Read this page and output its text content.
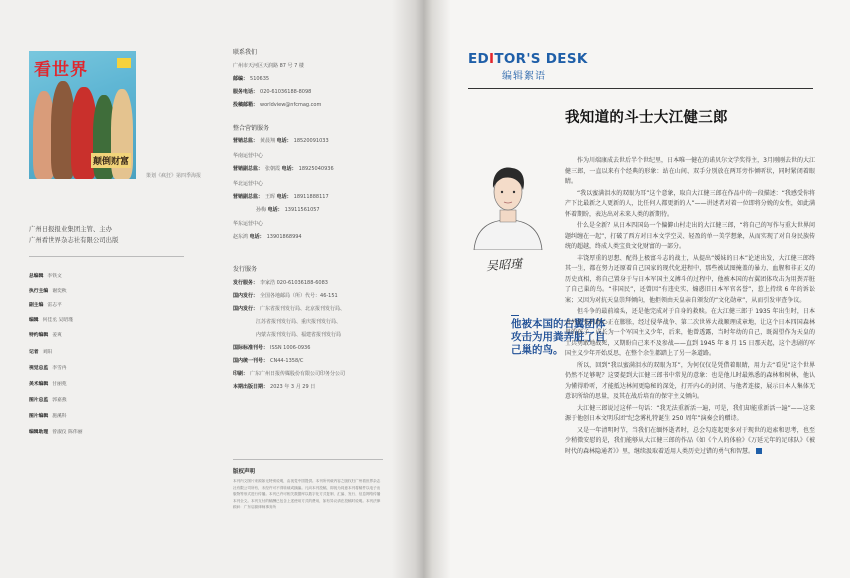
看世界
颠倒财富
策划《疯狂》第四季海报
广州日报报业集团主管、主办
广州看世界杂志社有限公司出版
总编辑 李铁文
执行主编 谢奕秋
副主编 雷志平
编辑 何佳丞 吴昭瑾
特约编辑 姜爽
记者 刘阳
视觉总监 李雪冉
美术编辑 甘丽苑
图片总监 郭嘉燕
图片编辑 施溪科
编辑助理 曾淑仪 陈伟丽
联系我们
广州市天河区天润路 87 号 7 楼
邮编： 510635
服务电话： 020-61036188-8098
投稿邮箱： worldview@nfcmag.com
整合营销服务
营销总监： 黄晨翔 电话： 18520091033
华南运营中心
营销副总监： 张朝霞 电话： 18925040936
华北运营中心
营销副总监： 王晖 电话： 18911888117
孙梅 电话： 13911561057
华东运营中心
赵东鸿 电话： 13901868994
发行服务
发行服务： 李家浩 020-61036188-6083
国内发行： 全国各地邮局（所）代号：46-151
国内发行： 广东省报刊发行局、北京报刊发行局、
江苏省报刊发行局、重庆报刊发行局、
内蒙古报刊发行局、福建省报刊发行局
国际标准刊号： ISSN 1006-0936
国内统一刊号： CN44-1358/C
印刷： 广东广州日报传媒股份有限公司印务分公司
本期出版日期： 2023 年 3 月 29 日
版权声明
本刊内文图片来源如无特别说明，由视觉中国提供。本刊所刊载内容之版权归广州看世界杂志社有限公司所有，未经许可不得转载或摘编。凡向本刊投稿，即视为同意本刊将稿件以电子出版物等形式进行传播。本刊已许可相关数据库以数字化方式复制、汇编、发行、信息网络传播本刊全文。本刊支付的稿酬已包含上述使用方式的费用，如有异议请在投稿时说明。本刊法律顾问：广东启源律师事务所
EDITOR'S DESK
编辑絮语
我知道的斗士大江健三郎
吴昭瑾
他被本国的右翼团体攻击为用粪弄脏了自己巢的鸟。

作为川端康成去世后半个世纪里，日本唯一健在的诺贝尔文学奖得主，3月刚刚去世的大江健三郎，一直以来有个经典的形象：站在山间、双手分别放在两耳旁作倾听状，同时紧闭着眼睛。

“我以蜜满泪水的双眼为耳”这个意象，取自大江健三郎在作品中的一段描述：“我感受你将产下比最新之人更新的人，比任何人都更新的人”——讲述者对着一位即将分娩的女性，如此满怀着期盼，表达出对未来人类的新期待。

什么是全新？从日本四国岛一个偏僻山村走出的大江健三郎，“将自己的写作与重大世界问题纠缠在一起”，打破了西方对日本文学空灵、轻盈的单一美学想象，从而实现了对自身民族传统的超越，终成人类宝贵文化财富的一部分。

丰饶厚重的思想、配得上极富斗志的战士，从提出“媛妹的日本”论述出发，大江健三郎终其一生，都在努力还原着自己国家的现代化进程中，那些被试图掩盖的暴力、血腥和非正义的历史真相，将自己置身于与日本军国主义搏斗的过程中，他被本国的右翼团体攻击为用粪弄脏了自己巢的鸟。“非国民”，还曾因“有违史实、煽惑旧日本军官名誉”，惹上持续 6 年的诉讼案；又因为对抗天皇崇拜倾向，他拒领由天皇亲自颁发的“文化勋章”，从而引发审查争议。

但斗争的最前端头，还是他完成对于自身的救赎。在大江健三郎于 1935 年出生时，日本对外扩张的野心正在膨胀，经过侵华战争、第二次世界大战顺理成章地，让这个日本四国森林里的孩子，成长为一个军国主义少年，后来，他曾透露，当时年幼的自己，既渴望作为天皇的士兵勇敢地战死，又期盼自己来不及参战——直到 1945 年 8 月 15 日那天起，这个悲剧的军国主义少年开始反思，在整个余生都踏上了另一条道路。

所以，回到“我以蜜满泪水的双眼为耳”，为何仅仅是凭借着眼睛，用力去“看见”这个世界仍然不足够呢？这要提到大江健三郎书中常见的意象：也是他儿时最熟悉的森林和树林，他认为懂得聆听，才能抵达林间更隐秘的深处，打开内心的封闭、与他者连接，展示日本人集体无意识所给的思量，及其在战后培育的保守主义倾向。

大江健三郎说过这样一句话：“我无法重新活一遍，可是，我们却能重新活一遍”——这来源于他创日本文明乐团“纪念雾札特诞生 250 周年”演奏会的赠诗。

又是一年清明时节，当我们在缅怀逝者时，总会勾连起更多对于现世的追索和思考，也至少稍微安慰的是，我们能够从大江健三郎的作品《如《个人的体验》《万延元年的足球队》《被时代的森林隐通者》》里，继续汲取着适用人类历史过错的勇气和智慧。
